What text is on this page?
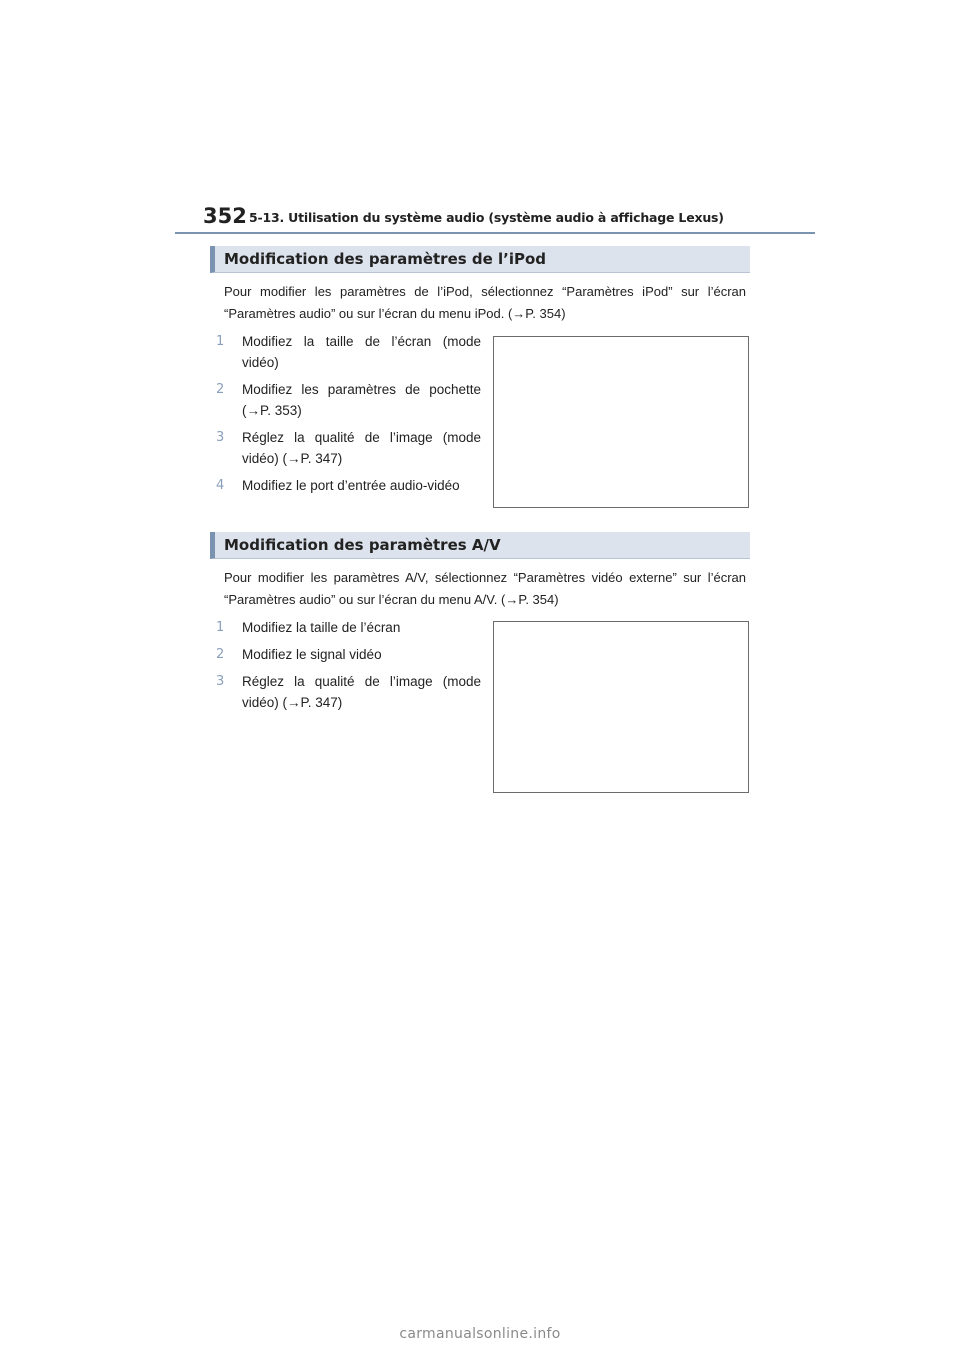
352 5-13. Utilisation du système audio (système audio à affichage Lexus)
Modification des paramètres de l’iPod
Pour modifier les paramètres de l’iPod, sélectionnez “Paramètres iPod” sur l’écran “Paramètres audio” ou sur l’écran du menu iPod. (→P. 354)
1 Modifiez la taille de l’écran (mode vidéo)
2 Modifiez les paramètres de pochette (→P. 353)
3 Réglez la qualité de l’image (mode vidéo) (→P. 347)
4 Modifiez le port d’entrée audio-vidéo
Modification des paramètres A/V
Pour modifier les paramètres A/V, sélectionnez “Paramètres vidéo externe” sur l’écran “Paramètres audio” ou sur l’écran du menu A/V. (→P. 354)
1 Modifiez la taille de l’écran
2 Modifiez le signal vidéo
3 Réglez la qualité de l’image (mode vidéo) (→P. 347)
carmanualsonline.info
